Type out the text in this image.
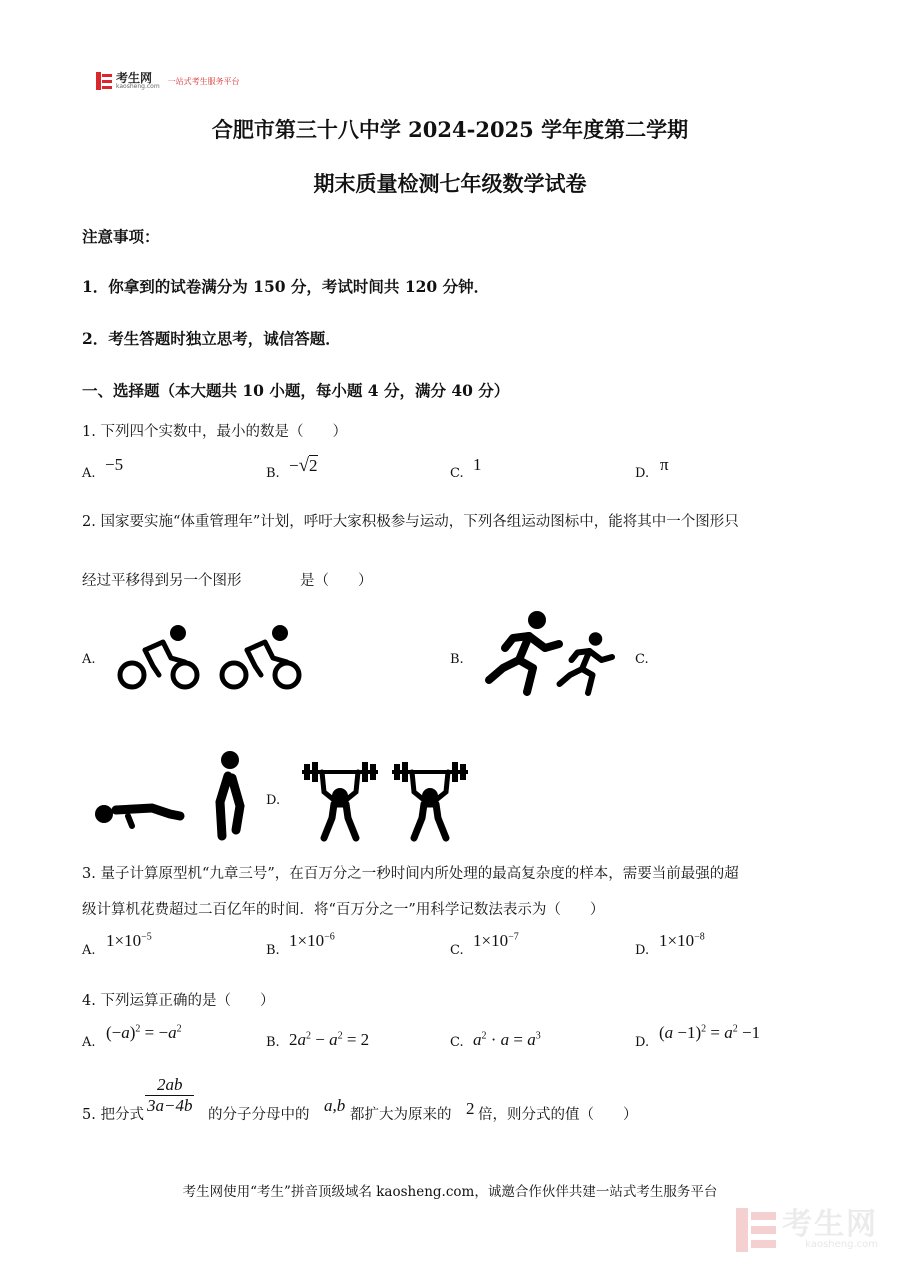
考生网
kaosheng.com
一站式考生服务平台
合肥市第三十八中学 2024-2025 学年度第二学期
期末质量检测七年级数学试卷
注意事项：
1．你拿到的试卷满分为 150 分，考试时间共 120 分钟．
2．考生答题时独立思考，诚信答题．
一、选择题（本大题共 10 小题，每小题 4 分，满分 40 分）
1. 下列四个实数中，最小的数是（　　）
A. −5	B. −√2	C. 1	D. π
2. 国家要实施“体重管理年”计划，呼吁大家积极参与运动，下列各组运动图标中，能将其中一个图形只
经过平移得到另一个图形	是（　　）
A.	B.	C.
D.
3. 量子计算原型机“九章三号”，在百万分之一秒时间内所处理的最高复杂度的样本，需要当前最强的超
级计算机花费超过二百亿年的时间．将“百万分之一”用科学记数法表示为（　　）
A.
$1\times 10^{-5}$
B.
$1\times 10^{-6}$
C.
$1\times 10^{-7}$
D.
$1\times 10^{-8}$
4. 下列运算正确的是（　　）
A.
$(-a)^2 = -a^2$
B. $2a^2 - a^2 = 2$	C. $a^2 \cdot a = a^3$	D.
$(a -1)^2 = a^2 -1$
5. 把分式 $\frac{2ab}{3a-4b}$ 的分子分母中的 a,b 都扩大为原来的 2 倍，则分式的值（　　）
考生网使用“考生”拼音顶级域名 kaosheng.com，诚邀合作伙伴共建一站式考生服务平台
考生网
kaosheng.com
